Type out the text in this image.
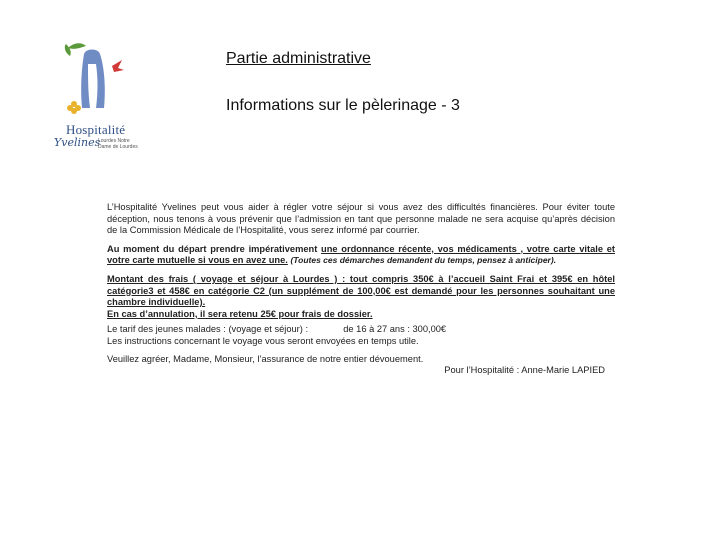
Hospitalité
Yvelines
Lourdes Notre
Dame de Lourdes
Partie administrative
Informations sur le pèlerinage - 3

L’Hospitalité Yvelines peut vous aider à régler votre séjour si vous avez des difficultés financières. Pour éviter toute déception, nous tenons à vous prévenir que l’admission en tant que personne malade ne sera acquise qu’après décision de la Commission Médicale de l’Hospitalité, vous serez informé par courrier.

Au moment du départ prendre impérativement une ordonnance récente, vos médicaments , votre carte vitale et votre carte mutuelle si vous en avez une. (Toutes ces démarches demandent du temps, pensez à anticiper).

Montant des frais ( voyage et séjour à Lourdes ) : tout compris 350€ à l’accueil Saint Frai et 395€ en hôtel catégorie3 et 458€ en catégorie C2 (un supplément de 100,00€ est demandé pour les personnes souhaitant une chambre individuelle).

En cas d’annulation, il sera retenu 25€ pour frais de dossier.

Le tarif des jeunes malades : (voyage et séjour) :	de 16 à 27 ans : 300,00€

Les instructions concernant le voyage vous seront envoyées en temps utile.

Veuillez agréer, Madame, Monsieur, l’assurance de notre entier dévouement.

Pour l’Hospitalité : Anne-Marie LAPIED
